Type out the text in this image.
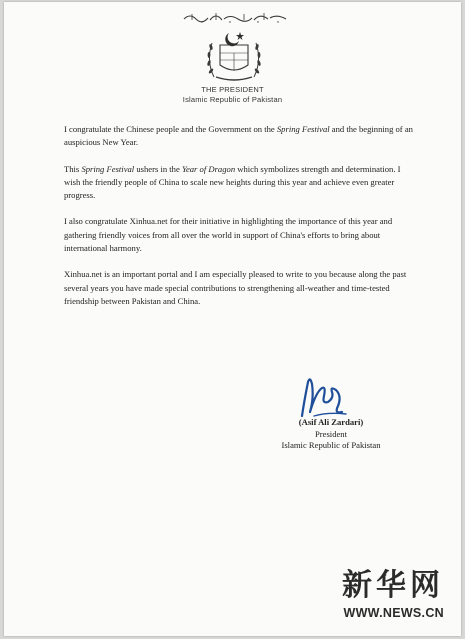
THE PRESIDENT
Islamic Republic of Pakistan

I congratulate the Chinese people and the Government on the Spring Festival and the beginning of an auspicious New Year.

This Spring Festival ushers in the Year of Dragon which symbolizes strength and determination. I wish the friendly people of China to scale new heights during this year and achieve even greater progress.

I also congratulate Xinhua.net for their initiative in highlighting the importance of this year and gathering friendly voices from all over the world in support of China's efforts to bring about international harmony.

Xinhua.net is an important portal and I am especially pleased to write to you because along the past several years you have made special contributions to strengthening all-weather and time-tested friendship between Pakistan and China.

(Asif Ali Zardari)
President
Islamic Republic of Pakistan
新华网
WWW.NEWS.CN
